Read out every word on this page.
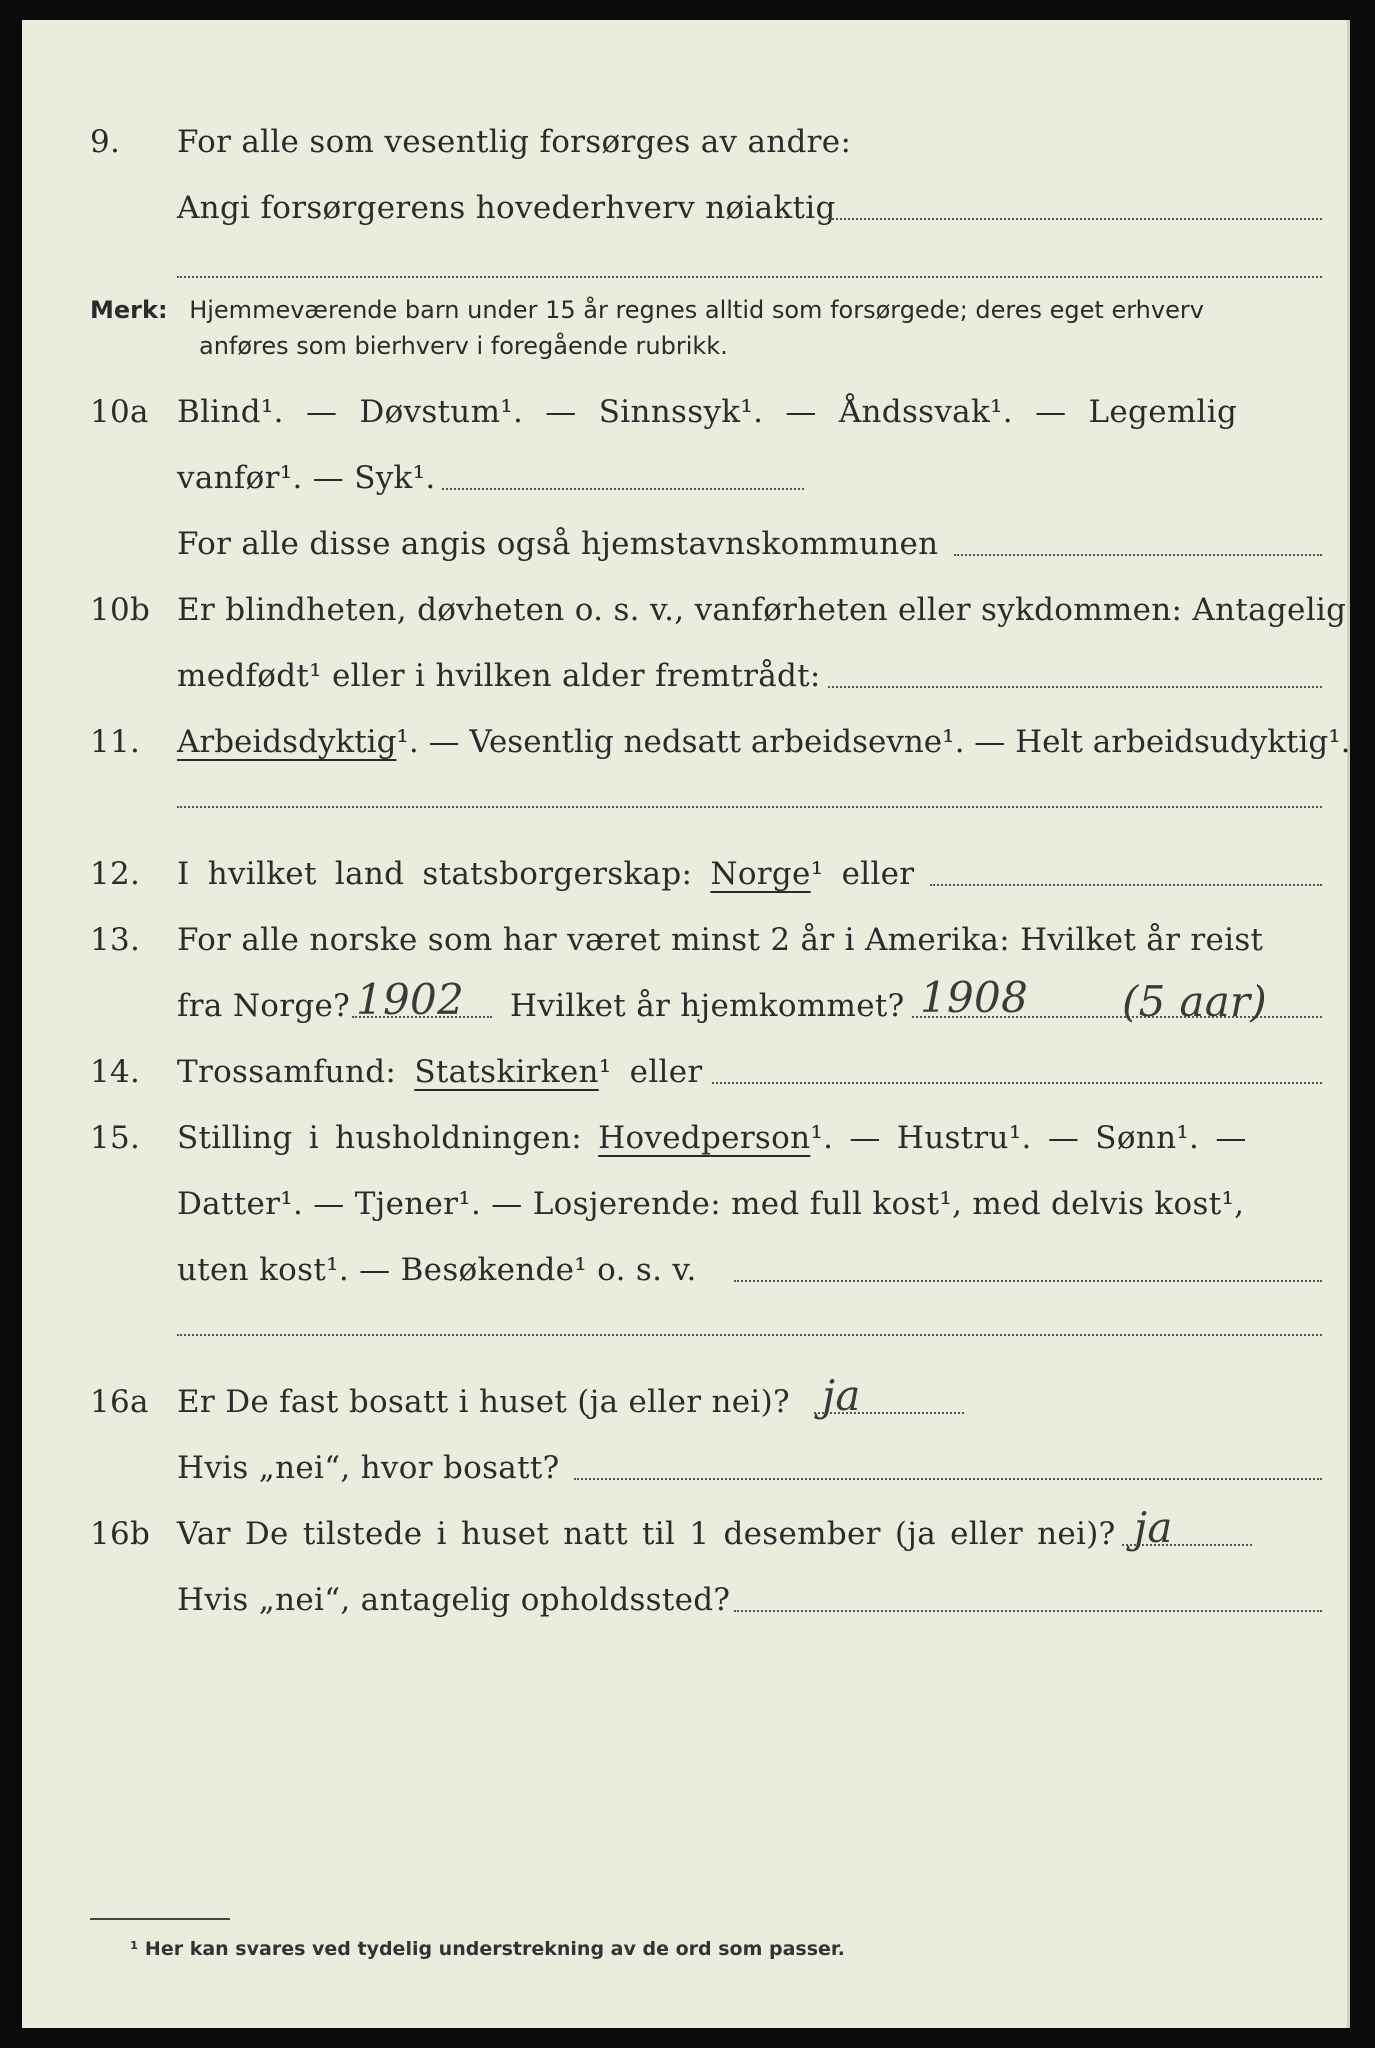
9. For alle som vesentlig forsørges av andre:
Angi forsørgerens hovederhverv nøiaktig
Merk: Hjemmeværende barn under 15 år regnes alltid som forsørgede; deres eget erhverv
anføres som bierhverv i foregående rubrikk.
10a Blind¹. — Døvstum¹. — Sinnssyk¹. — Åndssvak¹. — Legemlig
vanfør¹. — Syk¹.
For alle disse angis også hjemstavnskommunen
10b Er blindheten, døvheten o. s. v., vanførheten eller sykdommen: Antagelig
medfødt¹ eller i hvilken alder fremtrådt:
11. Arbeidsdyktig¹. — Vesentlig nedsatt arbeidsevne¹. — Helt arbeidsudyktig¹.
12. I hvilket land statsborgerskap: Norge¹ eller
13. For alle norske som har været minst 2 år i Amerika: Hvilket år reist
fra Norge? 1902 Hvilket år hjemkommet? 1908 (5 aar)
14. Trossamfund: Statskirken¹ eller
15. Stilling i husholdningen: Hovedperson¹. — Hustru¹. — Sønn¹. —
Datter¹. — Tjener¹. — Losjerende: med full kost¹, med delvis kost¹,
uten kost¹. — Besøkende¹ o. s. v.
16a Er De fast bosatt i huset (ja eller nei)? ja
Hvis „nei“, hvor bosatt?
16b Var De tilstede i huset natt til 1 desember (ja eller nei)? ja
Hvis „nei“, antagelig opholdssted?
¹ Her kan svares ved tydelig understrekning av de ord som passer.
